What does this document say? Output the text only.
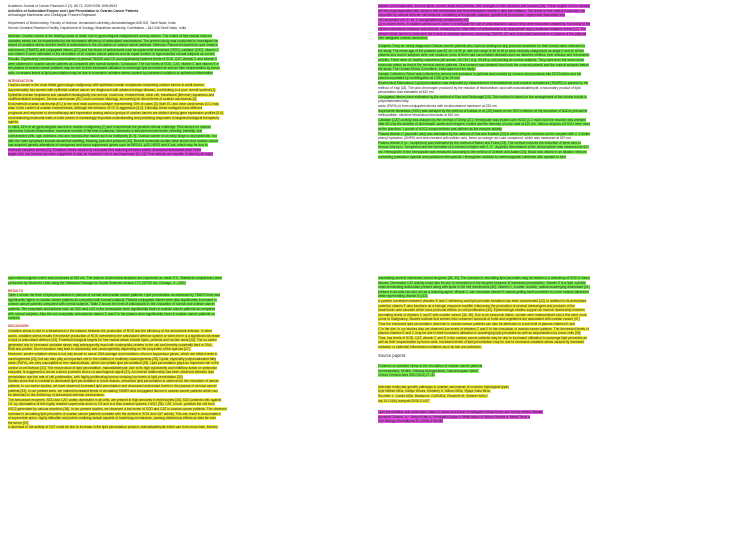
Academic Journal of Cancer Research 2 (2): 68-72, 2009 ISSN 1995-8943
Activities of Antioxidant Enzyme and Lipid Peroxidation in Ovarian Cancer Patients
Arthachagar Manimaran and Chellappan Praveen Rajeswari
Department of Biochemistry, Faculty of Science, Annamalai University, Annamalainagar-608 002, Tamil Nadu, India
Human Genetics Research Facility, Department of Zoology, Bharathiar university, Coimbatore – 641 046,Tamil Nadu, India
Abstract: Ovarian cancer is the leading cause of death due to gynecological malignancies among women. The extent of free radical induced
oxidative stress can be exacerbated by the decreased efficiency of antioxidant mechanisms. The present study was conducted to investigate the
extent of oxidative stress and the levels of antioxidants in the circulation of ovarian cancer patients. Methods: Plasma thiobarbituric acid reactive
substances (TBARS) and conjugated dienes (CD) and the levels of antioxidants such as superoxide dismutase (SOD), catalase (CAT), vitamin C
and vitamin E were estimated in the circulation of 40 ovarian cancer patients and an equal number of age-matched normal subjects as control.
Results: Significantly increased concentrations of plasma TBARS and CD and significantly lowered levels of SOD, CAT, vitamin C and vitamin E
were observed in ovarian cancer patients as compared with normal subjects. Conclusion: The low levels of SOD, CAT, vitamin C and vitamin E in
the plasma of ovarian cancer patients may be due to their increased utilization to scavenge lipid peroxides as well as their sequestration by tumor
cells. Increased levels of lipid peroxidation may be due to excessive oxidative stress caused by increased oxidation or epithelial inflammation
INTRODUCTION
Ovarian cancer is the most lethal gynecologic malignancy with epithelial ovarian neoplasms comprising ovarian tumors in adult women.
Approximately two women with epithelial ovarian cancer are diagnosed with advanced-stage disease, contributing to a poor overall survival [1].
Epithelial ovarian neoplasms sub classified histologically into serous, mucinous, endometrioid, clear cell, transitional (Brenner) squamous and
undifferentiated subtypes. Serous carcinomas (SC) most common histology, accounting for about thirds of ovarian carcinomas [2].
Endometrioid ovarian carcinoma (EC) is the next most common subtype representing 15% of cases [3]. Both EC and clear carcinomas (CC) may
arise in the context of ovarian endometriosis, although the behavior of CC is aggressive [3,4]. Clinically, these subtypes have different
prognosis and response to chemotherapy and expression among various groups of ovarian tumors are distinct during gene expression profiles [5,6].
Understanding molecular traits of solid tumors is increasingly important understanding and predicting responses to targeted biological therapeutic
agents.
In India, 15% of all gynecological cancers is ovarian malignancy [7] and it represents the greatest clinical challenge. Risk factors for ovarian
carcinoma include inflammation, excessive number of life time ovulations, increases in steroid hormone levels, heredity, infertility, oral
contraceptive pills, age, asbestos, talc and reproductive factors such as multiparity [8, 9]. Ovarian cancer at an early stage is asymptomatic, but
later the main symptoms include abdominal swelling, bloating, pain and pressure [10]. Recent molecular studies have shown that ovarian cancer
has acquired genetic alterations of oncogenes and tumor suppressor genes such as BRCA1, p53, HER2 and K-ras, which may be due to
chemical oxidative stress [11]. Oxidative stress caused by increased free radical generation and/or decreased antioxidant level in the
target cells and tissues has been suggested to play an important role in carcinogenesis [12-14] Free radicals are capable of altering all major
classes of biomolecules, such as lipids, nucleic acids and proteins, with changes in their structure and function [15]. These targets of free radicals
are the polyunsaturated fatty acids in cell membranes and their interaction results in lipid peroxidation. The levels of free radical molecules are
controlled by various defense mechanisms, consisting of enzymatic catalase, glutathione peroxidase, superoxide dismutase and
non-enzymatic (vit. E, vit. C and glutathione) components [16].
Up to recent times, in studies carried out in order to investigate the role of antioxidants in cancer, they were measured separately, but owing to the
various interactions between antioxidants, measuring the total effect of antioxidants is an appropriate way to evaluate oxidative stress [17]. The
present study aimed to determine the extent of oxidative stress by measuring TBARS, CD and antioxidant parameters in plasma of the patients
with malignant ovarian carcinoma.
Subjects: Forty six newly diagnosed Ovarian cancer patients who had not undergone any previous treatment for their tumors were selected for
the study. The mean age of the patients was 52.10 ± 6.90 yr, with the range of 35 to 65 yr were clinically categorized as stage II and III. All the
patients and control subjects were non smokers; none of them had concomitant diseases such as diabetes mellitus, liver disease and rheumatoid
arthritis. There were 40 healthy volunteers (all women, 50.78±7.8 yr, 35-65 yr old) serving as control subjects. They were from the same socio
economic status as that of the cervical cancer patients. Oral consent was obtained from both the cervical patients and the normal subjects before
the study. The Human Ethics Committee, India approved the study.
Sample Collection: Blood was collected by venous vein puncture in patients and controls by venous arm punctures into EDTA tubes and the
plasma separated by centrifugation at 1000 g for 15 min.
Biochemical Estimations: Lipid peroxidation was estimated by measurement of thiobarbituric acid reactive substances (TBARS) in plasma by the
method of Yagi [18]. The pink chromogen produced by the reaction of thiobarbituric acid with malondialdehyde, a secondary product of lipid
peroxidation was estimated at 532 nm.
Conjugated dienes were estimated by the method of Rao and Recknagel [19]. This method is based on the arrangement of the double bonds in
polyunsaturated fatty
acids (PUFA) to form conjugated dienes with an absorbance maximum at 233 nm.
Superoxide dismutase (SOD) was assayed by the method of Kakkar et al. [20] based on the 50% inhibition of the formation of NADH-phenazine
methosulfate- nitroblue tetrazolium formazan at 520 nm.
Catalase (CAT) activity was assayed by the method of Sinha [21]. Hemolysate was treated with H2O2 (0.2 mol/l) and the reaction was arrested
after 60 s by the addition of dichromate–acetic acid reagent; cooled and the intensity of color read at 620 nm. Various aliquots of H2O2 were used
as the standard. 1 μmole of H2O2 consumed/min was defined as the enzyme activity.
Plasma vitamin C (ascorbic acid) was estimated by the method of Roe and Kuether [22] in which dehydro ascorbic acid is coupled with 2, 4 dinitro
phenyl hydrazine (DNPH) and when treated with sulfuric acid, forms an orange red color compound, which was measured at 520 nm.
Plasma vitamin E (α - tocopherol) was estimated by the method of Baker and Frank [23]. The method involves the reduction of ferric ions to
ferrous ions by α - tocopherol and the formation of a colored complex with 2, 2' - dipyridyl. Absorbance of the chromophore was measured at 520
nm. Hemoglobin in the hemolysate was measured according to the method of Drabkin and Austin [24]. Blood was diluted in an alkaline medium
containing potassium cyanide and potassium ferricyanide. Hemoglobin oxidized to methemoglobin combines with cyanide to form
cyanmethemoglobin which was measured at 540 nm. The data for biochemical analyses are expressed as mean S.D. Statistical comparisons were
performed by Student's t-test using the Statistical Package for Social Sciences version 17.0 (SPSS Inc, Chicago, IL, USA).
RESULTS
Table 1 shows the level of lipid peroxidation in plasma of normal and ovarian cancer patients. Lipid peroxidation as assessed by TBARS level was
significantly higher in ovarian cancer patients as compared with normal subjects. Plasma conjugated dienes were also significantly increased in
ovarian cancer patients compared with normal subjects. Table 2 shows the level of antioxidants in the circulation of normal and ovarian cancer
patients. The enzymatic antioxidants such as SOD and CAT in the hemolysate were significantly lower in ovarian cancer patients as compared
with normal subjects. Also the non-enzymatic antioxidants vitamin C and E in the plasma were significantly lower in ovarian cancer patients vs.
controls.
DISCUSSION
Oxidative stress is due to a disturbance in the balance between the production of ROS and the efficiency of the antioxidant defense. In other
words, oxidative stress results if excessive production of ROS overwhelms the antioxidant defense system or when there is a significant decrease
in lack of antioxidant defence [25]. Potential biological targets for free radical attack include lipids, proteins and nucleic acids [26]. The so-called
generated due to increased oxidative stress may subsequently react with nucleophilic centers in the cell and thereby covalently bind to DNA,
RNA and protein. Such reactions may lead to cytotoxicity and carcinogenicity depending on the properties of the species [27].
Moreover, severe oxidative stress is not only known to cause DNA damage and mutations of tumor suppressor genes, which are initial events in
carcinogenesis [23], but can also play an important role in the initiation of multistep carcinogenesis [28]. Lipids, especially polyunsaturated fatty
acids (PUFA), are very susceptible to free radical attack, which can initiate lipid peroxidation [29]. Lipid peroxidation plays an important role in the
control of cell division [31]. The end product of lipid peroxidation, malondialdehyde, due to its high cytotoxicity and inhibitory action on protective
enzymes, is suggested to act as a tumor promoter and a co-carcinogenic agent [31]. An inverse relationship has been observed between lipid
peroxidation and the rate of cell proliferation, with highly proliferating tumors showing low levels of lipid peroxidation [32].
Studies show that in contrast to decreased lipid peroxidation in tumor tissues, enhanced lipid peroxidation is observed in the circulation of cancer
patients. In our earlier studies, we have observed increased lipid peroxidation and decreased antioxidant levels in the plasma of cervical cancer
patients [33]. In our present work, we noticed increased levels of circulating TBARS and conjugated dienes in ovarian cancer patients which can
be attributed to the deficiency of antioxidant defense mechanisms.
The antioxidant enzymes, SOD and CAT, widely distributed in all cells, are present in high amounts in erythrocytes [34]. SOD protects cells against
O2- by dismutation of this highly reactive superoxide anion to O2 and to a less reactive species, H2O2 [35]. CAT, in turn, protects the cell from
H2O2 generated by various reactions [36]. In our present studies, we observed a low levels of SOD and CAT in ovarian cancer patients. The observed
increase in circulating lipid peroxides of ovarian cancer patients correlate with the decline in SOD and CAT activity. This can result in accumulation
of superoxide anion, highly diffusible and potent oxidizing radical capable of traversing membranes, causing deleterious effects at sites far from
the tumor [37].
A decrease in the activity of CAT could be due to increase in the lipid peroxidation product, malondialdehyde which can form cross links, thereby
inactivating several membrane bound enzymes [38, 39]. The increase in circulating lipid peroxides may be related to a deficiency of SOD in tumor
tissues. Decreased CAT activity could also be due to exhaustion of the enzyme because of increased peroxidation. Vitamin E is a lipid -soluble,
chain-terminating antioxidant present along with lipids in the cell membranes [40]. Vitamin C, a water- soluble, radical-scavenging antioxidant [41]
present in all cells can also act as a reducing agent. Vitamin C can neutralise vitamin E radical getting itself converted to a free radical (ultraviolet
while regenerating vitamin E) [42].
A positive correlation between vitamins E and C deficiency and lipid peroxide formation has been documented [43]. In addition to its antioxidant
potential, vitamin E also functions as a biologic response modifier influencing the production of several messengers and products of the
arachidonic acid cascade which have profound effects on cell proliferation [44]. Epidemiologic studies support an inverse relationship between
circulating levels of vitamins C and E with ovarian cancer [45, 46]. Due to an economic status, women were malnourished and a few were more
prone to malignancy. Studies indicate that women who consumer amounts of fruits and vegetables are associated with ovarian cancer [47]
Thus the enhanced lipid peroxidation observed in ovarian cancer patients can also be attributed to a low level of plasma vitamins E and
C in the diet. In our studies also we observed low levels of vitamins C and E in the circulation of ovarian cancer patients. The decreased levels of
plasma vitamins E and C may be due to their increased utilization in scavenging lipid peroxides as well as sequestration by tumor cells [39].
Thus, low levels of SOD, CAT, vitamin C and E in the ovarian cancer patients may be due to increased utilization to scavenge lipid peroxides as
well as their sequestration by tumor cells. Increased levels of lipid peroxidation may be due to excessive oxidative stress caused by increased
oxidation or epithelial inflammation initiators such as talc and asbestos.
Source papers:
Evidence of oxidative stress in the circulation of ovarian cancer patients
Kumaraswamy Senthil, Saharaj Aranganathan, Namasivayam Nalini°
Clinica Chimica Acta 339 (2004) 27–32
Alternate molecular genetic pathways in ovarian carcinomas of common histological types
Kyle Willner MDa, Kaitlyn Wurzs, Kimberly H. Allison MDa, Vijaya Gallo MDa,
Rochelle L. Garcia MDb, Barbara A. Goff MDa, Elizabeth M. Swisher MDa,*
doi:10.1016/j.humpath.2006.10.007
Lipid peroxidation and antioxidant status in blood and tissue of malignant breast tumor and benign breast disease
Aymelek Gönenc, a,*, Derya Erten a, Sebahattin Aslan b, Melih Akinci b, Bülent Simsek a, Meral Torun a
Cell Biology International 30 (2006) 376e380
